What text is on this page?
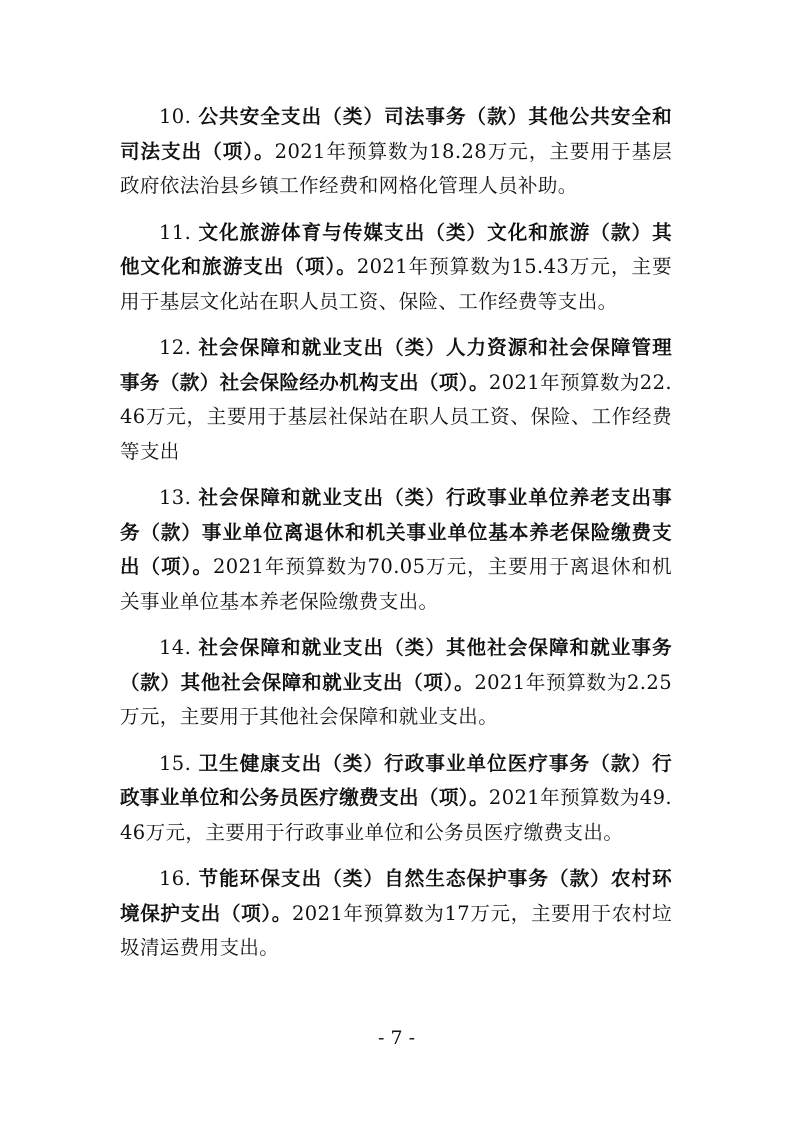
10. 公共安全支出（类）司法事务（款）其他公共安全和司法支出（项）。2021年预算数为18.28万元，主要用于基层政府依法治县乡镇工作经费和网格化管理人员补助。

11. 文化旅游体育与传媒支出（类）文化和旅游（款）其他文化和旅游支出（项）。2021年预算数为15.43万元，主要用于基层文化站在职人员工资、保险、工作经费等支出。

12. 社会保障和就业支出（类）人力资源和社会保障管理事务（款）社会保险经办机构支出（项）。2021年预算数为22.46万元，主要用于基层社保站在职人员工资、保险、工作经费等支出

13. 社会保障和就业支出（类）行政事业单位养老支出事务（款）事业单位离退休和机关事业单位基本养老保险缴费支出（项）。2021年预算数为70.05万元，主要用于离退休和机关事业单位基本养老保险缴费支出。

14. 社会保障和就业支出（类）其他社会保障和就业事务（款）其他社会保障和就业支出（项）。2021年预算数为2.25万元，主要用于其他社会保障和就业支出。

15. 卫生健康支出（类）行政事业单位医疗事务（款）行政事业单位和公务员医疗缴费支出（项）。2021年预算数为49.46万元，主要用于行政事业单位和公务员医疗缴费支出。

16. 节能环保支出（类）自然生态保护事务（款）农村环境保护支出（项）。2021年预算数为17万元，主要用于农村垃圾清运费用支出。

- 7 -
